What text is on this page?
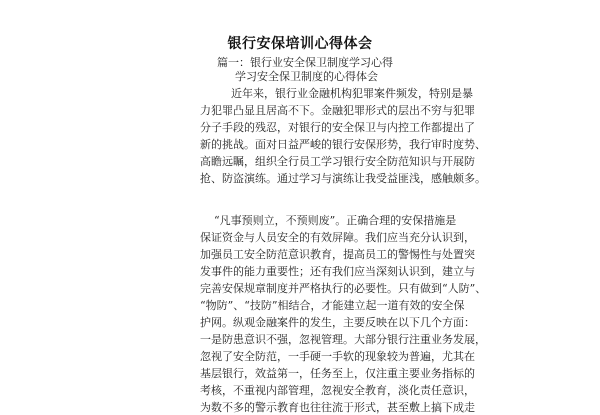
银行安保培训心得体会
篇一：银行业安全保卫制度学习心得
学习安全保卫制度的心得体会
近年来，银行业金融机构犯罪案件频发，特别是暴
力犯罪凸显且居高不下。金融犯罪形式的层出不穷与犯罪
分子手段的残忍，对银行的安全保卫与内控工作都提出了
新的挑战。面对日益严峻的银行安保形势，我行审时度势、
高瞻远瞩，组织全行员工学习银行安全防范知识与开展防
抢、防盗演练。通过学习与演练让我受益匪浅，感触颇多。
“凡事预则立，不预则废”。正确合理的安保措施是
保证资金与人员安全的有效屏障。我们应当充分认识到，
加强员工安全防范意识教育，提高员工的警惕性与处置突
发事件的能力重要性；还有我们应当深刻认识到，建立与
完善安保规章制度并严格执行的必要性。只有做到“人防”、
“物防”、“技防”相结合，才能建立起一道有效的安全保
护网。纵观金融案件的发生，主要反映在以下几个方面：
一是防患意识不强，忽视管理。大部分银行注重业务发展，
忽视了安全防范，一手硬一手软的现象较为普遍，尤其在
基层银行，效益第一，任务至上，仅注重主要业务指标的
考核，不重视内部管理，忽视安全教育，淡化责任意识，
为数不多的警示教育也往往流于形式，甚至敷上搞下成走
